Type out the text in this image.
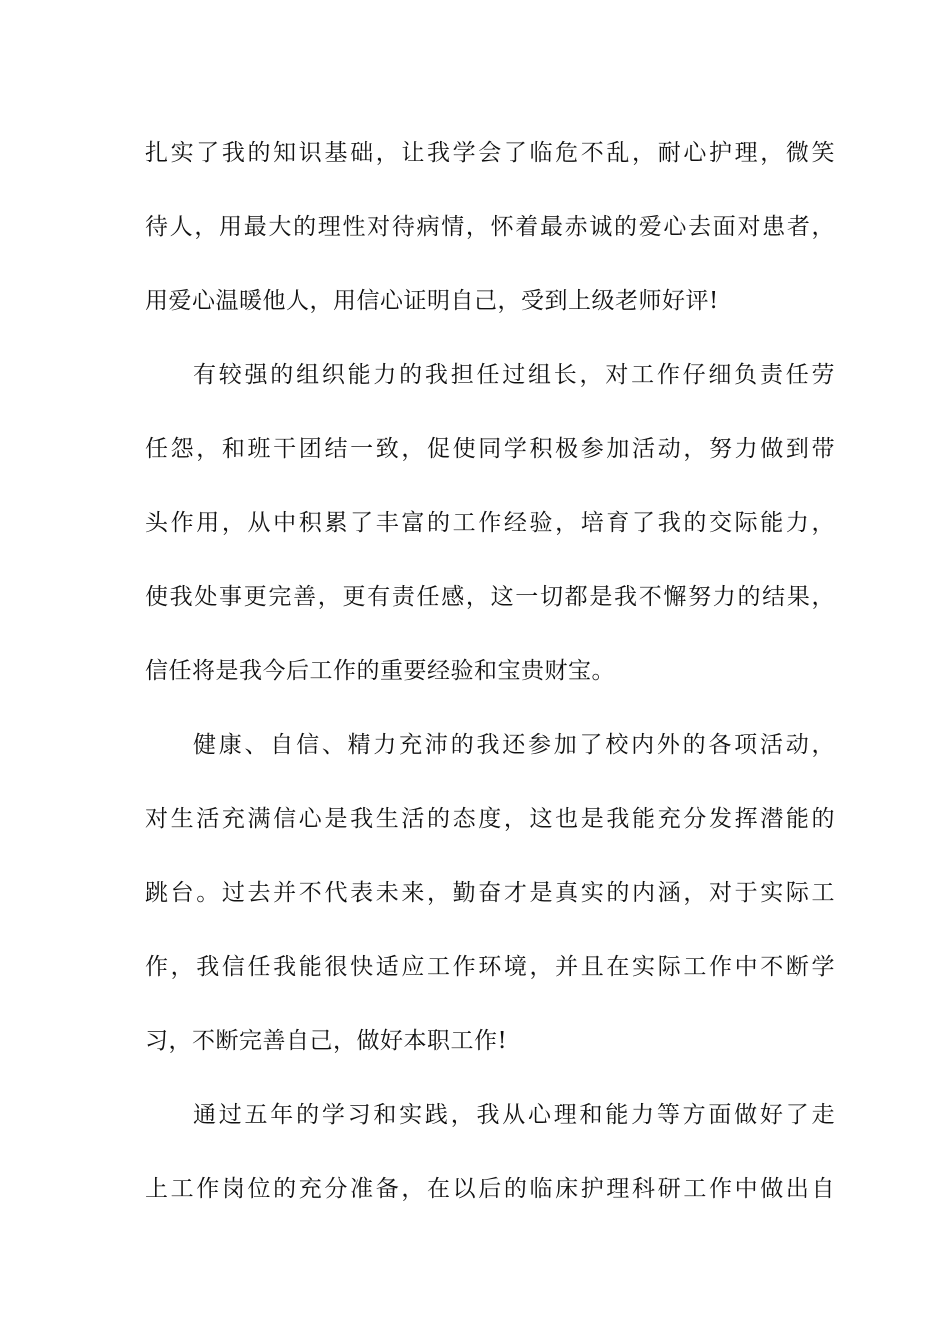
扎实了我的知识基础，让我学会了临危不乱，耐心护理，微笑
待人，用最大的理性对待病情，怀着最赤诚的爱心去面对患者，
用爱心温暖他人，用信心证明自己，受到上级老师好评!
有较强的组织能力的我担任过组长，对工作仔细负责任劳
任怨，和班干团结一致，促使同学积极参加活动，努力做到带
头作用，从中积累了丰富的工作经验，培育了我的交际能力，
使我处事更完善，更有责任感，这一切都是我不懈努力的结果，
信任将是我今后工作的重要经验和宝贵财宝。
健康、自信、精力充沛的我还参加了校内外的各项活动，
对生活充满信心是我生活的态度，这也是我能充分发挥潜能的
跳台。过去并不代表未来，勤奋才是真实的内涵，对于实际工
作，我信任我能很快适应工作环境，并且在实际工作中不断学
习，不断完善自己，做好本职工作!
通过五年的学习和实践，我从心理和能力等方面做好了走
上工作岗位的充分准备，在以后的临床护理科研工作中做出自
